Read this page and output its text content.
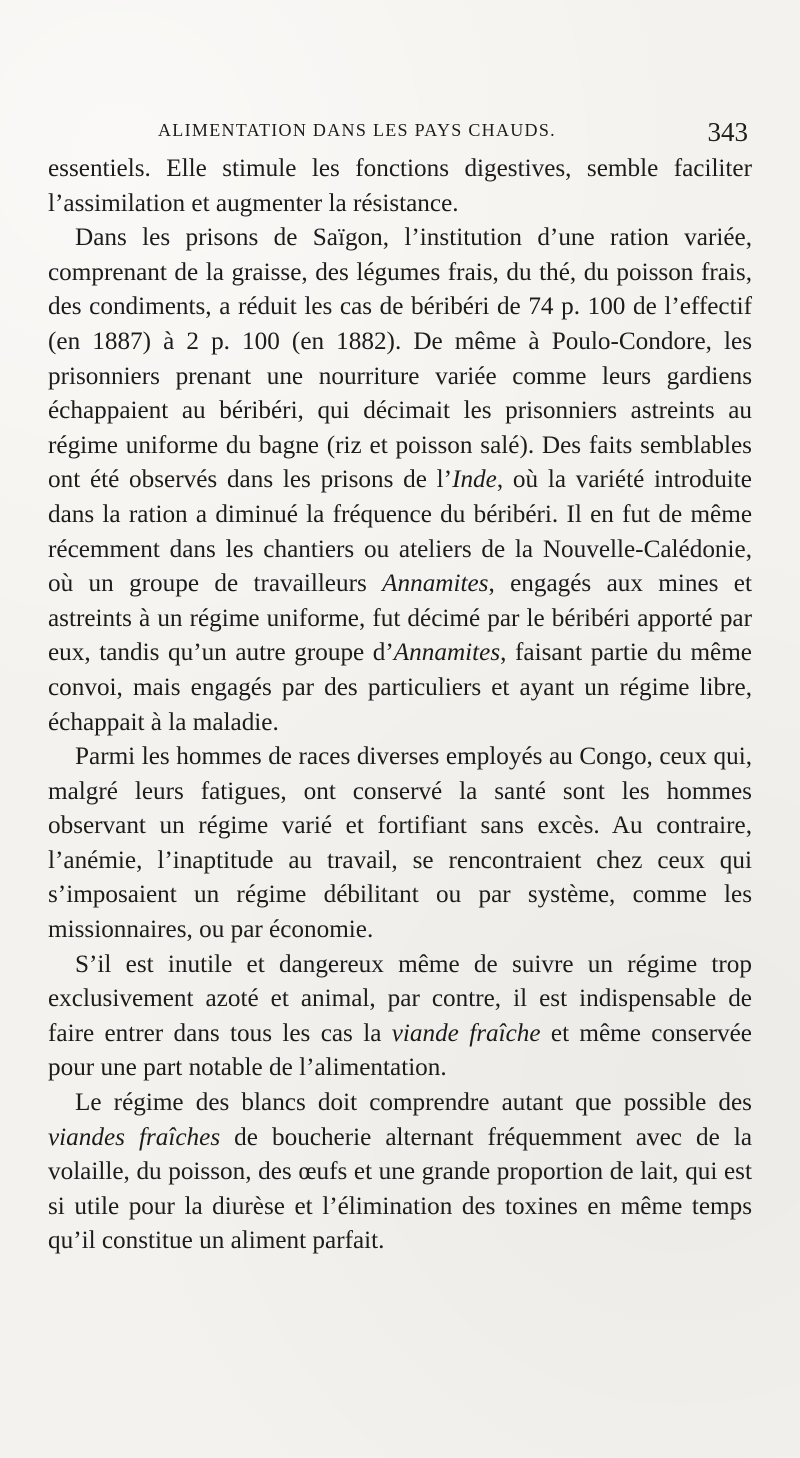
ALIMENTATION DANS LES PAYS CHAUDS.	343

essentiels. Elle stimule les fonctions digestives, semble faciliter l’assimilation et augmenter la résistance.

Dans les prisons de Saïgon, l’institution d’une ration variée, comprenant de la graisse, des légumes frais, du thé, du poisson frais, des condiments, a réduit les cas de béribéri de 74 p. 100 de l’effectif (en 1887) à 2 p. 100 (en 1882). De même à Poulo-Condore, les prisonniers prenant une nourriture variée comme leurs gardiens échappaient au béribéri, qui décimait les prisonniers astreints au régime uniforme du bagne (riz et poisson salé). Des faits semblables ont été observés dans les prisons de l’Inde, où la variété introduite dans la ration a diminué la fréquence du béribéri. Il en fut de même récemment dans les chantiers ou ateliers de la Nouvelle-Calédonie, où un groupe de travailleurs Annamites, engagés aux mines et astreints à un régime uniforme, fut décimé par le béribéri apporté par eux, tandis qu’un autre groupe d’Annamites, faisant partie du même convoi, mais engagés par des particuliers et ayant un régime libre, échappait à la maladie.

Parmi les hommes de races diverses employés au Congo, ceux qui, malgré leurs fatigues, ont conservé la santé sont les hommes observant un régime varié et fortifiant sans excès. Au contraire, l’anémie, l’inaptitude au travail, se rencontraient chez ceux qui s’imposaient un régime débilitant ou par système, comme les missionnaires, ou par économie.

S’il est inutile et dangereux même de suivre un régime trop exclusivement azoté et animal, par contre, il est indispensable de faire entrer dans tous les cas la viande fraîche et même conservée pour une part notable de l’alimentation.

Le régime des blancs doit comprendre autant que possible des viandes fraîches de boucherie alternant fréquemment avec de la volaille, du poisson, des œufs et une grande proportion de lait, qui est si utile pour la diurèse et l’élimination des toxines en même temps qu’il constitue un aliment parfait.
